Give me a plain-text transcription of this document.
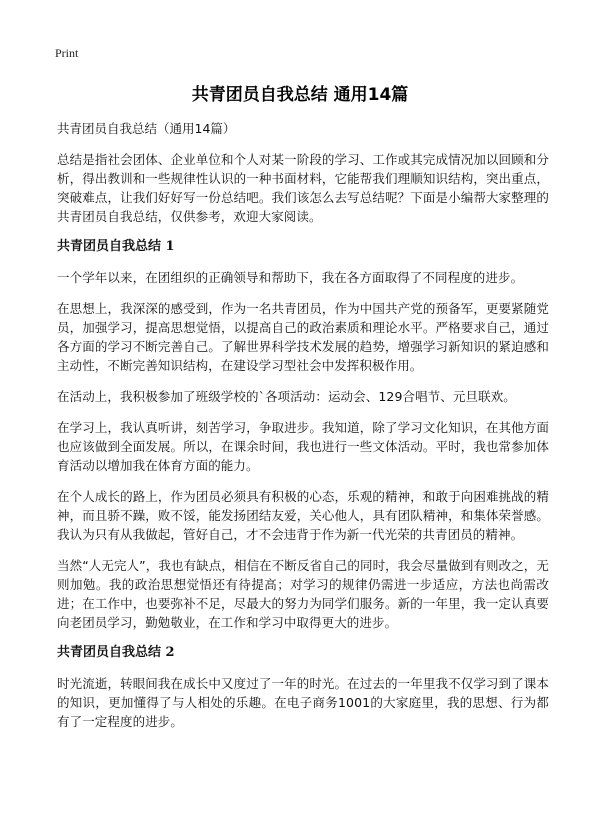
Print
共青团员自我总结 通用14篇

共青团员自我总结（通用14篇）

总结是指社会团体、企业单位和个人对某一阶段的学习、工作或其完成情况加以回顾和分析，得出教训和一些规律性认识的一种书面材料，它能帮我们理顺知识结构，突出重点，突破难点，让我们好好写一份总结吧。我们该怎么去写总结呢？下面是小编帮大家整理的共青团员自我总结，仅供参考，欢迎大家阅读。

共青团员自我总结 1

一个学年以来，在团组织的正确领导和帮助下，我在各方面取得了不同程度的进步。

在思想上，我深深的感受到，作为一名共青团员，作为中国共产党的预备军，更要紧随党员，加强学习，提高思想觉悟，以提高自己的政治素质和理论水平。严格要求自己，通过各方面的学习不断完善自己。了解世界科学技术发展的趋势，增强学习新知识的紧迫感和主动性，不断完善知识结构，在建设学习型社会中发挥积极作用。

在活动上，我积极参加了班级学校的`各项活动：运动会、129合唱节、元旦联欢。

在学习上，我认真听讲，刻苦学习，争取进步。我知道，除了学习文化知识，在其他方面也应该做到全面发展。所以，在课余时间，我也进行一些文体活动。平时，我也常参加体育活动以增加我在体育方面的能力。

在个人成长的路上，作为团员必须具有积极的心态，乐观的精神，和敢于向困难挑战的精神，而且骄不躁，败不馁，能发扬团结友爱，关心他人，具有团队精神，和集体荣誉感。我认为只有从我做起，管好自己，才不会违背于作为新一代光荣的共青团员的精神。

当然“人无完人”，我也有缺点，相信在不断反省自己的同时，我会尽量做到有则改之，无则加勉。我的政治思想觉悟还有待提高；对学习的规律仍需进一步适应，方法也尚需改进；在工作中，也要弥补不足，尽最大的努力为同学们服务。新的一年里，我一定认真要向老团员学习，勤勉敬业，在工作和学习中取得更大的进步。

共青团员自我总结 2

时光流逝，转眼间我在成长中又度过了一年的时光。在过去的一年里我不仅学习到了课本的知识，更加懂得了与人相处的乐趣。在电子商务1001的大家庭里，我的思想、行为都有了一定程度的进步。
